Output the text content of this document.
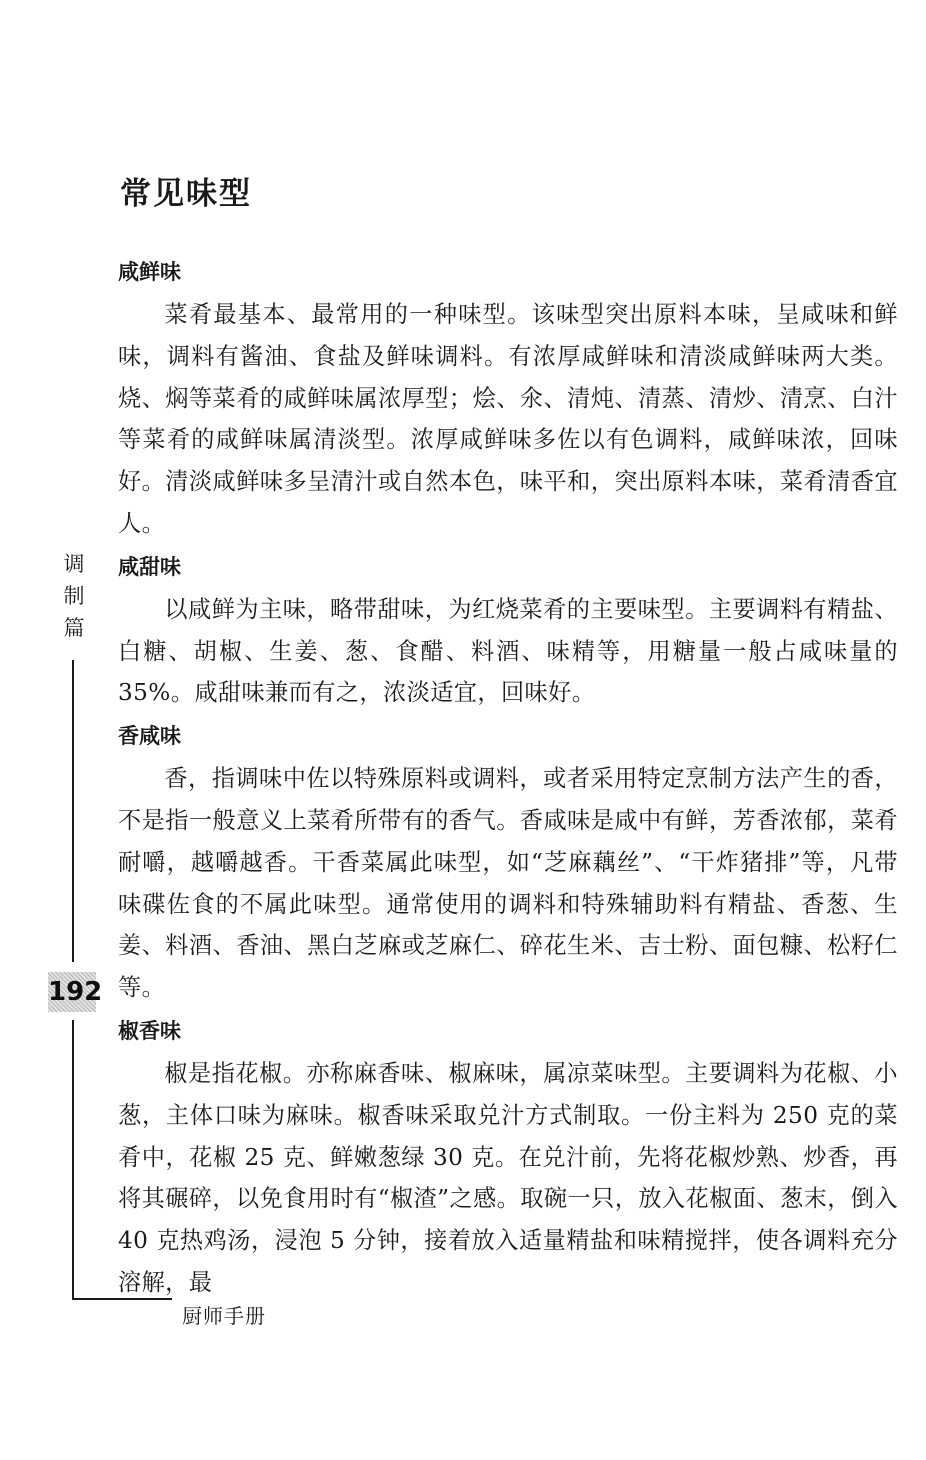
常见味型
咸鲜味

菜肴最基本、最常用的一种味型。该味型突出原料本味，呈咸味和鲜味，调料有酱油、食盐及鲜味调料。有浓厚咸鲜味和清淡咸鲜味两大类。烧、焖等菜肴的咸鲜味属浓厚型；烩、氽、清炖、清蒸、清炒、清烹、白汁等菜肴的咸鲜味属清淡型。浓厚咸鲜味多佐以有色调料，咸鲜味浓，回味好。清淡咸鲜味多呈清汁或自然本色，味平和，突出原料本味，菜肴清香宜人。

咸甜味

以咸鲜为主味，略带甜味，为红烧菜肴的主要味型。主要调料有精盐、白糖、胡椒、生姜、葱、食醋、料酒、味精等，用糖量一般占咸味量的 35%。咸甜味兼而有之，浓淡适宜，回味好。

香咸味

香，指调味中佐以特殊原料或调料，或者采用特定烹制方法产生的香，不是指一般意义上菜肴所带有的香气。香咸味是咸中有鲜，芳香浓郁，菜肴耐嚼，越嚼越香。干香菜属此味型，如“芝麻藕丝”、“干炸猪排”等，凡带味碟佐食的不属此味型。通常使用的调料和特殊辅助料有精盐、香葱、生姜、料酒、香油、黑白芝麻或芝麻仁、碎花生米、吉士粉、面包糠、松籽仁等。

椒香味

椒是指花椒。亦称麻香味、椒麻味，属凉菜味型。主要调料为花椒、小葱，主体口味为麻味。椒香味采取兑汁方式制取。一份主料为 250 克的菜肴中，花椒 25 克、鲜嫩葱绿 30 克。在兑汁前，先将花椒炒熟、炒香，再将其碾碎，以免食用时有“椒渣”之感。取碗一只，放入花椒面、葱末，倒入 40 克热鸡汤，浸泡 5 分钟，接着放入适量精盐和味精搅拌，使各调料充分溶解，最

调
制
篇
192
厨师手册
